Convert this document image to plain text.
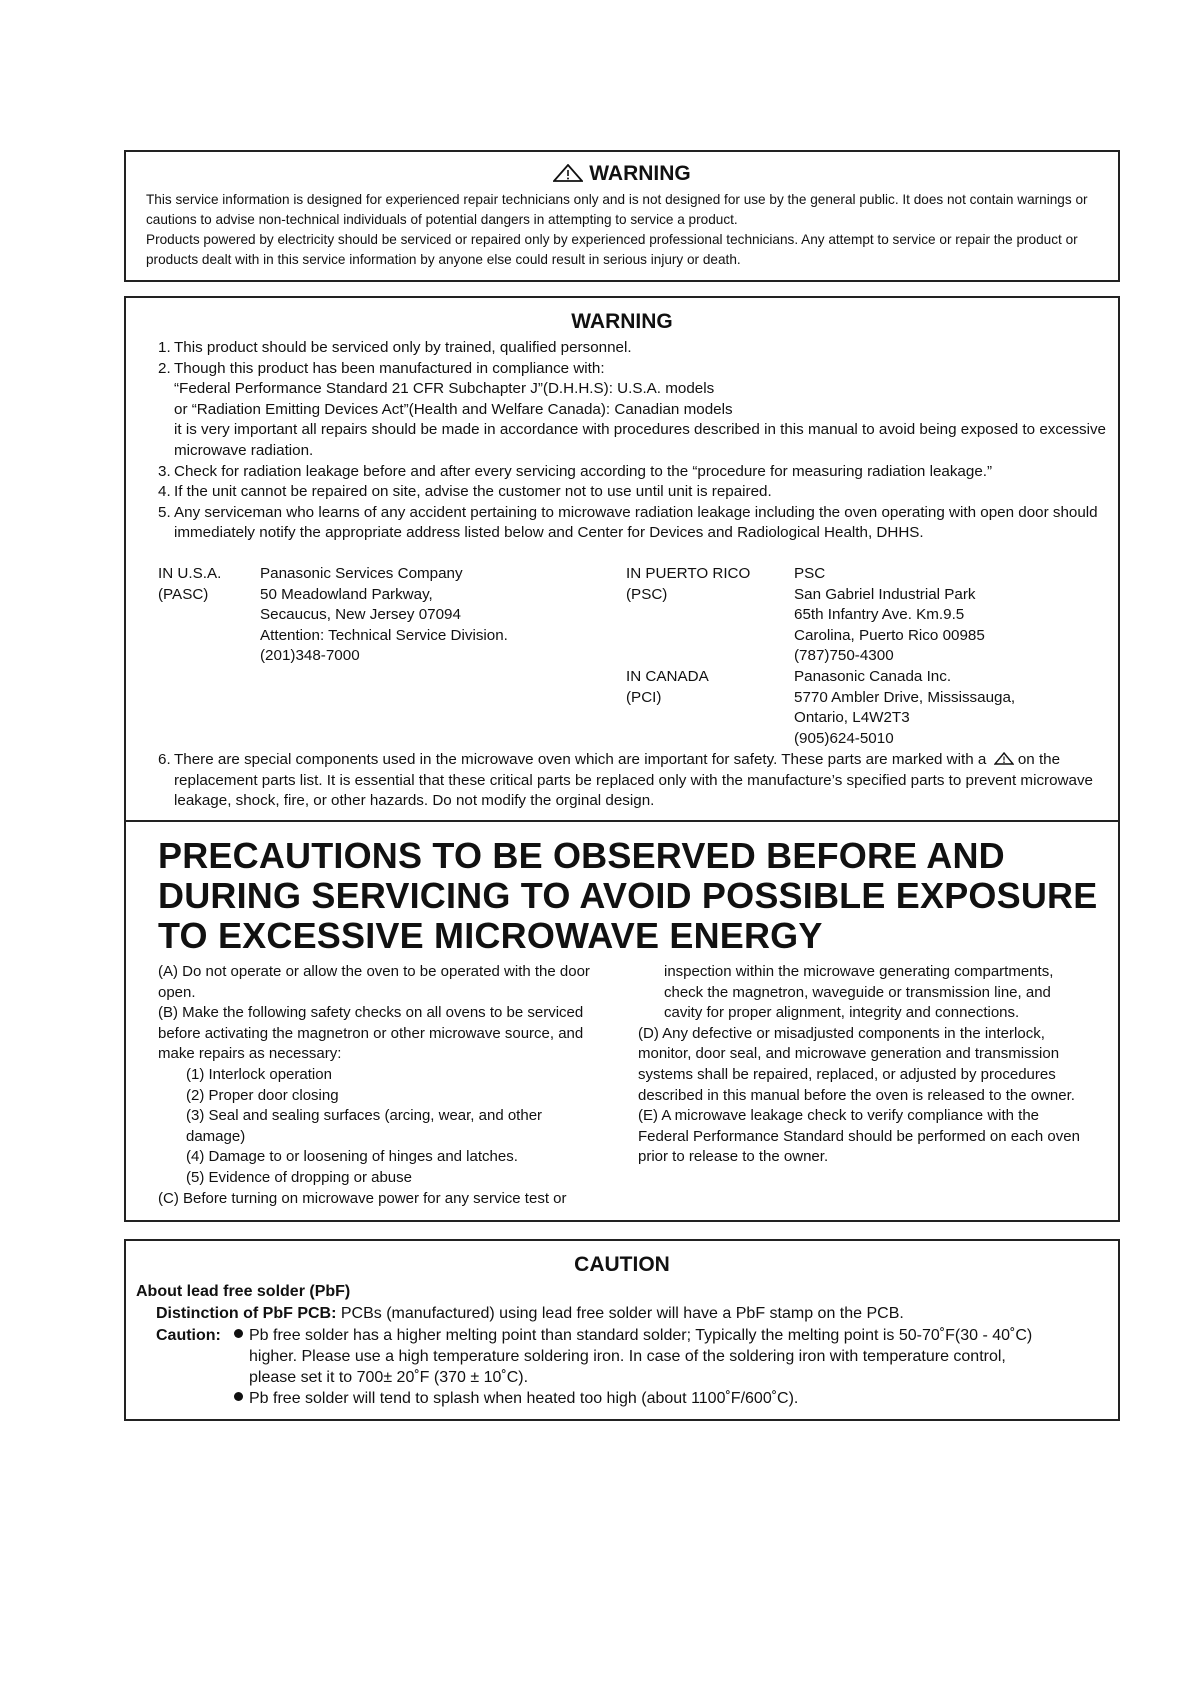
WARNING
This service information is designed for experienced repair technicians only and is not designed for use by the general public. It does not contain warnings or cautions to advise non-technical individuals of potential dangers in attempting to service a product.
Products powered by electricity should be serviced or repaired only by experienced professional technicians. Any attempt to service or repair the product or products dealt with in this service information by anyone else could result in serious injury or death.
WARNING
1. This product should be serviced only by trained, qualified personnel.
2. Though this product has been manufactured in compliance with:
“Federal Performance Standard 21 CFR Subchapter J”(D.H.H.S): U.S.A. models
or “Radiation Emitting Devices Act”(Health and Welfare Canada): Canadian models
it is very important all repairs should be made in accordance with procedures described in this manual to avoid being exposed to excessive microwave radiation.
3. Check for radiation leakage before and after every servicing according to the “procedure for measuring radiation leakage.”
4. If the unit cannot be repaired on site, advise the customer not to use until unit is repaired.
5. Any serviceman who learns of any accident pertaining to microwave radiation leakage including the oven operating with open door should immediately notify the appropriate address listed below and Center for Devices and Radiological Health, DHHS.
IN U.S.A.
(PASC)
Panasonic Services Company
50 Meadowland Parkway,
Secaucus, New Jersey 07094
Attention: Technical Service Division.
(201)348-7000
IN PUERTO RICO
(PSC)
PSC
San Gabriel Industrial Park
65th Infantry Ave. Km.9.5
Carolina, Puerto Rico 00985
(787)750-4300
IN CANADA
(PCI)
Panasonic Canada Inc.
5770 Ambler Drive, Mississauga,
Ontario, L4W2T3
(905)624-5010
6. There are special components used in the microwave oven which are important for safety. These parts are marked with a  on the replacement parts list. It is essential that these critical parts be replaced only with the manufacture’s specified parts to prevent microwave leakage, shock, fire, or other hazards. Do not modify the orginal design.
PRECAUTIONS TO BE OBSERVED BEFORE AND DURING SERVICING TO AVOID POSSIBLE EXPOSURE TO EXCESSIVE MICROWAVE ENERGY
(A) Do not operate or allow the oven to be operated with the door open.
(B) Make the following safety checks on all ovens to be serviced before activating the magnetron or other microwave source, and make repairs as necessary:
(1) Interlock operation
(2) Proper door closing
(3) Seal and sealing surfaces (arcing, wear, and other damage)
(4) Damage to or loosening of hinges and latches.
(5) Evidence of dropping or abuse
(C) Before turning on microwave power for any service test or
inspection within the microwave generating compartments, check the magnetron, waveguide or transmission line, and cavity for proper alignment, integrity and connections.
(D) Any defective or misadjusted components in the interlock, monitor, door seal, and microwave generation and transmission systems shall be repaired, replaced, or adjusted by procedures described in this manual before the oven is released to the owner.
(E) A microwave leakage check to verify compliance with the Federal Performance Standard should be performed on each oven prior to release to the owner.
CAUTION
About lead free solder (PbF)
Distinction of PbF PCB: PCBs (manufactured) using lead free solder will have a PbF stamp on the PCB.
Caution:	Pb free solder has a higher melting point than standard solder; Typically the melting point is 50-70˚F(30 - 40˚C)
higher. Please use a high temperature soldering iron. In case of the soldering iron with temperature control,
please set it to 700± 20˚F (370 ± 10˚C).
Pb free solder will tend to splash when heated too high (about 1100˚F/600˚C).
